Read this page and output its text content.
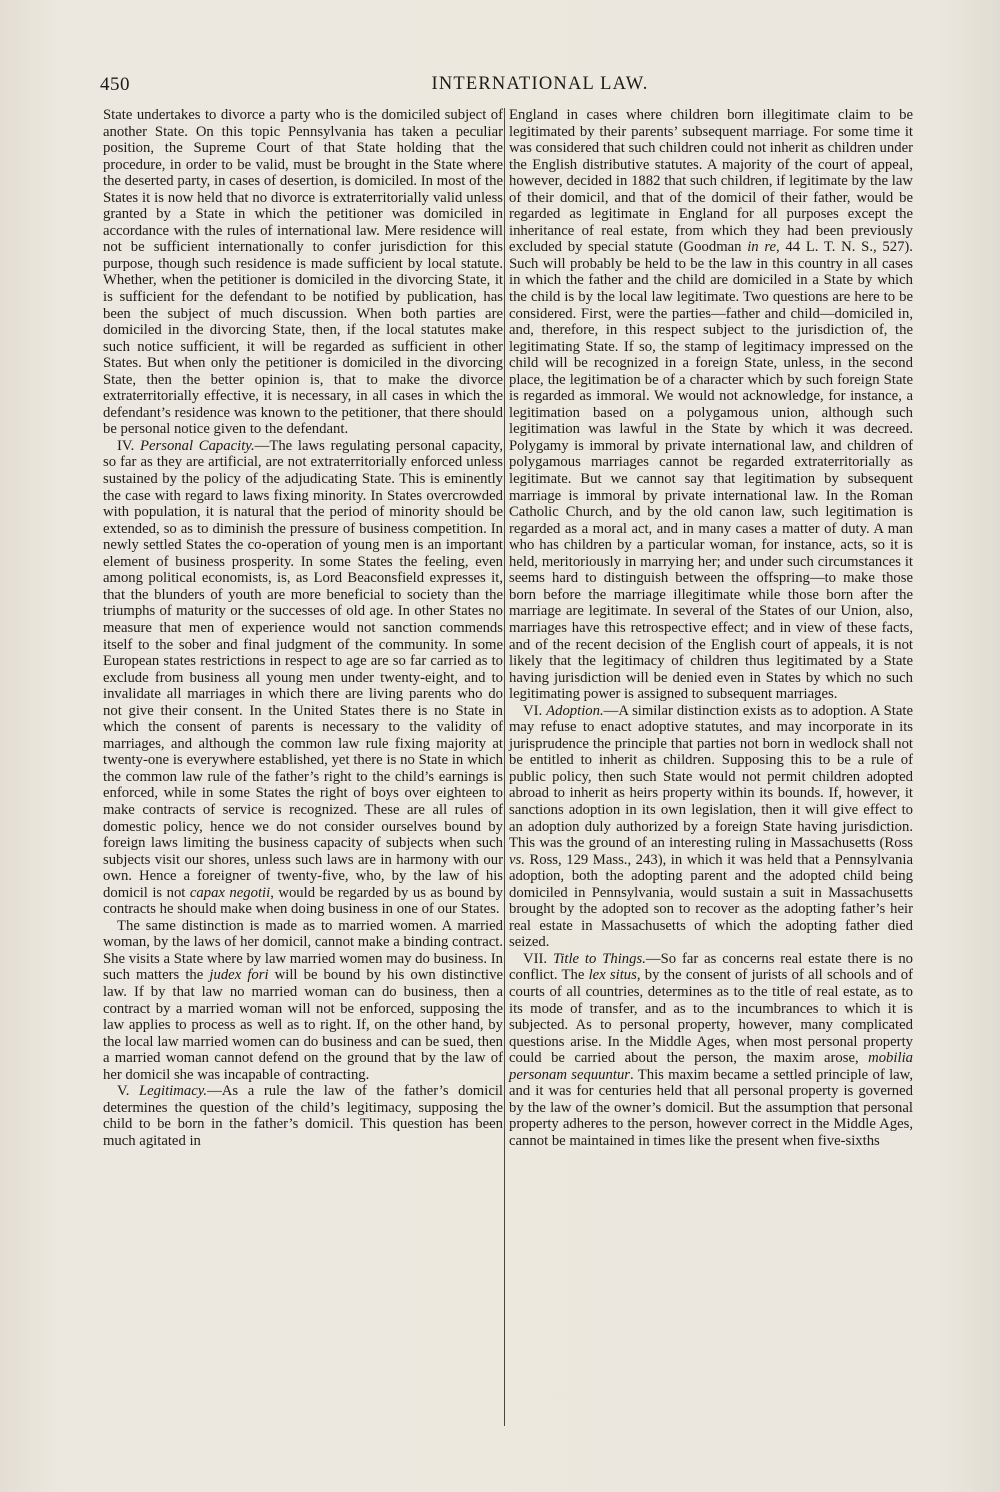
450	INTERNATIONAL LAW.

State undertakes to divorce a party who is the domiciled subject of another State. On this topic Pennsylvania has taken a peculiar position, the Supreme Court of that State holding that the procedure, in order to be valid, must be brought in the State where the deserted party, in cases of desertion, is domiciled. In most of the States it is now held that no divorce is extraterritorially valid unless granted by a State in which the petitioner was domiciled in accordance with the rules of international law. Mere residence will not be sufficient internationally to confer jurisdiction for this purpose, though such residence is made sufficient by local statute. Whether, when the petitioner is domiciled in the divorcing State, it is sufficient for the defendant to be notified by publication, has been the subject of much discussion. When both parties are domiciled in the divorcing State, then, if the local statutes make such notice sufficient, it will be regarded as sufficient in other States. But when only the petitioner is domiciled in the divorcing State, then the better opinion is, that to make the divorce extraterritorially effective, it is necessary, in all cases in which the defendant’s residence was known to the petitioner, that there should be personal notice given to the defendant.

IV. Personal Capacity.—The laws regulating personal capacity, so far as they are artificial, are not extraterritorially enforced unless sustained by the policy of the adjudicating State. This is eminently the case with regard to laws fixing minority. In States overcrowded with population, it is natural that the period of minority should be extended, so as to diminish the pressure of business competition. In newly settled States the co-operation of young men is an important element of business prosperity. In some States the feeling, even among political economists, is, as Lord Beaconsfield expresses it, that the blunders of youth are more beneficial to society than the triumphs of maturity or the successes of old age. In other States no measure that men of experience would not sanction commends itself to the sober and final judgment of the community. In some European states restrictions in respect to age are so far carried as to exclude from business all young men under twenty-eight, and to invalidate all marriages in which there are living parents who do not give their consent. In the United States there is no State in which the consent of parents is necessary to the validity of marriages, and although the common law rule fixing majority at twenty-one is everywhere established, yet there is no State in which the common law rule of the father’s right to the child’s earnings is enforced, while in some States the right of boys over eighteen to make contracts of service is recognized. These are all rules of domestic policy, hence we do not consider ourselves bound by foreign laws limiting the business capacity of subjects when such subjects visit our shores, unless such laws are in harmony with our own. Hence a foreigner of twenty-five, who, by the law of his domicil is not capax negotii, would be regarded by us as bound by contracts he should make when doing business in one of our States.

The same distinction is made as to married women. A married woman, by the laws of her domicil, cannot make a binding contract. She visits a State where by law married women may do business. In such matters the judex fori will be bound by his own distinctive law. If by that law no married woman can do business, then a contract by a married woman will not be enforced, supposing the law applies to process as well as to right. If, on the other hand, by the local law married women can do business and can be sued, then a married woman cannot defend on the ground that by the law of her domicil she was incapable of contracting.

V. Legitimacy.—As a rule the law of the father’s domicil determines the question of the child’s legitimacy, supposing the child to be born in the father’s domicil. This question has been much agitated in

England in cases where children born illegitimate claim to be legitimated by their parents’ subsequent marriage. For some time it was considered that such children could not inherit as children under the English distributive statutes. A majority of the court of appeal, however, decided in 1882 that such children, if legitimate by the law of their domicil, and that of the domicil of their father, would be regarded as legitimate in England for all purposes except the inheritance of real estate, from which they had been previously excluded by special statute (Goodman in re, 44 L. T. N. S., 527). Such will probably be held to be the law in this country in all cases in which the father and the child are domiciled in a State by which the child is by the local law legitimate. Two questions are here to be considered. First, were the parties—father and child—domiciled in, and, therefore, in this respect subject to the jurisdiction of, the legitimating State. If so, the stamp of legitimacy impressed on the child will be recognized in a foreign State, unless, in the second place, the legitimation be of a character which by such foreign State is regarded as immoral. We would not acknowledge, for instance, a legitimation based on a polygamous union, although such legitimation was lawful in the State by which it was decreed. Polygamy is immoral by private international law, and children of polygamous marriages cannot be regarded extraterritorially as legitimate. But we cannot say that legitimation by subsequent marriage is immoral by private international law. In the Roman Catholic Church, and by the old canon law, such legitimation is regarded as a moral act, and in many cases a matter of duty. A man who has children by a particular woman, for instance, acts, so it is held, meritoriously in marrying her; and under such circumstances it seems hard to distinguish between the offspring—to make those born before the marriage illegitimate while those born after the marriage are legitimate. In several of the States of our Union, also, marriages have this retrospective effect; and in view of these facts, and of the recent decision of the English court of appeals, it is not likely that the legitimacy of children thus legitimated by a State having jurisdiction will be denied even in States by which no such legitimating power is assigned to subsequent marriages.

VI. Adoption.—A similar distinction exists as to adoption. A State may refuse to enact adoptive statutes, and may incorporate in its jurisprudence the principle that parties not born in wedlock shall not be entitled to inherit as children. Supposing this to be a rule of public policy, then such State would not permit children adopted abroad to inherit as heirs property within its bounds. If, however, it sanctions adoption in its own legislation, then it will give effect to an adoption duly authorized by a foreign State having jurisdiction. This was the ground of an interesting ruling in Massachusetts (Ross vs. Ross, 129 Mass., 243), in which it was held that a Pennsylvania adoption, both the adopting parent and the adopted child being domiciled in Pennsylvania, would sustain a suit in Massachusetts brought by the adopted son to recover as the adopting father’s heir real estate in Massachusetts of which the adopting father died seized.

VII. Title to Things.—So far as concerns real estate there is no conflict. The lex situs, by the consent of jurists of all schools and of courts of all countries, determines as to the title of real estate, as to its mode of transfer, and as to the incumbrances to which it is subjected. As to personal property, however, many complicated questions arise. In the Middle Ages, when most personal property could be carried about the person, the maxim arose, mobilia personam sequuntur. This maxim became a settled principle of law, and it was for centuries held that all personal property is governed by the law of the owner’s domicil. But the assumption that personal property adheres to the person, however correct in the Middle Ages, cannot be maintained in times like the present when five-sixths
